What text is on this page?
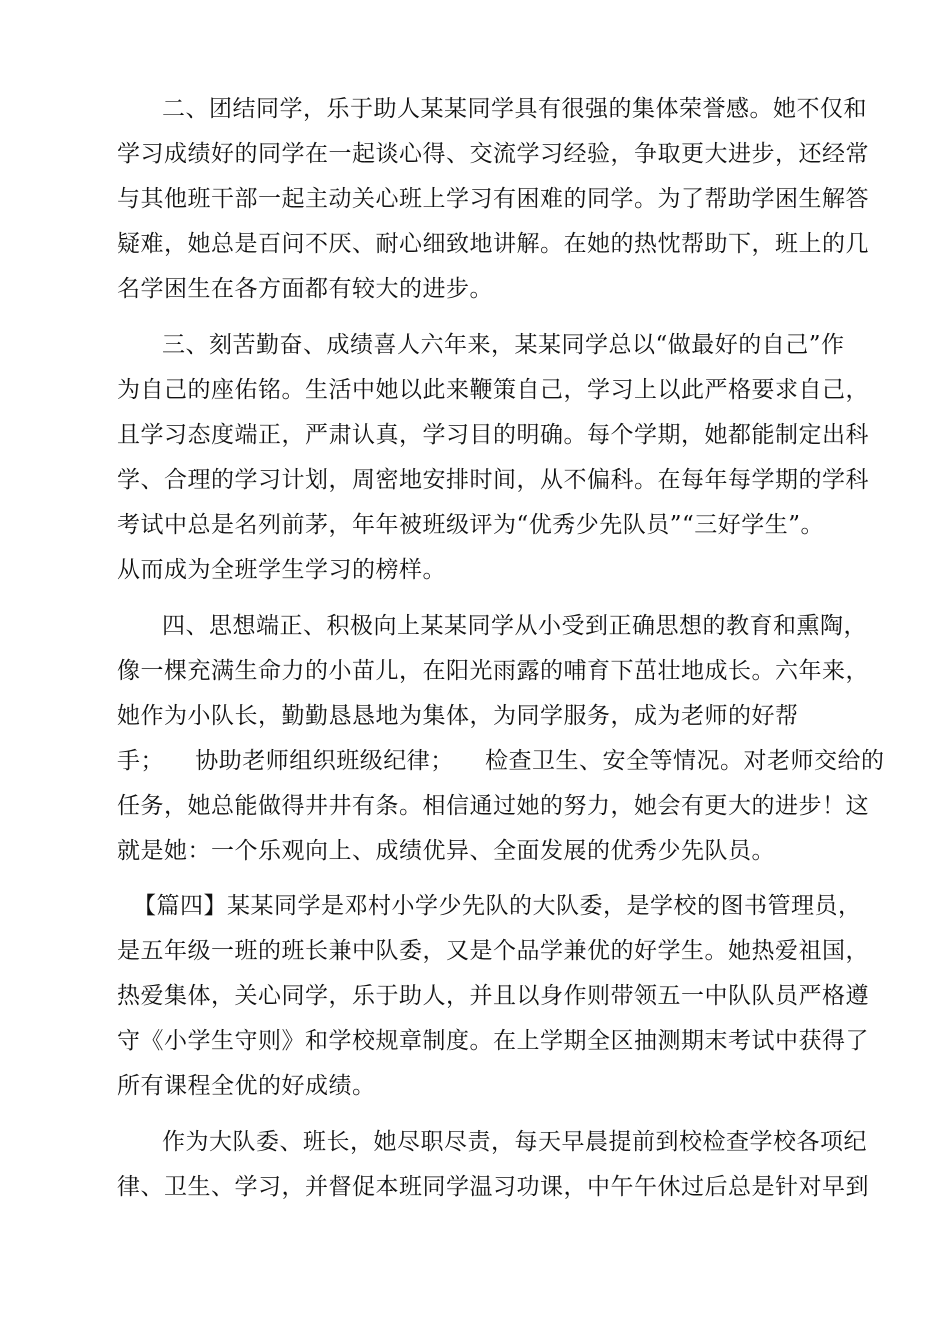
二、团结同学，乐于助人某某同学具有很强的集体荣誉感。她不仅和
学习成绩好的同学在一起谈心得、交流学习经验，争取更大进步，还经常
与其他班干部一起主动关心班上学习有困难的同学。为了帮助学困生解答
疑难，她总是百问不厌、耐心细致地讲解。在她的热忱帮助下，班上的几
名学困生在各方面都有较大的进步。
三、刻苦勤奋、成绩喜人六年来，某某同学总以“做最好的自己”作
为自己的座佑铭。生活中她以此来鞭策自己，学习上以此严格要求自己，
且学习态度端正，严肃认真，学习目的明确。每个学期，她都能制定出科
学、合理的学习计划，周密地安排时间，从不偏科。在每年每学期的学科
考试中总是名列前茅，年年被班级评为“优秀少先队员”“三好学生”。
从而成为全班学生学习的榜样。
四、思想端正、积极向上某某同学从小受到正确思想的教育和熏陶，
像一棵充满生命力的小苗儿，在阳光雨露的哺育下茁壮地成长。六年来，
她作为小队长，勤勤恳恳地为集体，为同学服务，成为老师的好帮
手；    协助老师组织班级纪律；    检查卫生、安全等情况。对老师交给的
任务，她总能做得井井有条。相信通过她的努力，她会有更大的进步！这
就是她：一个乐观向上、成绩优异、全面发展的优秀少先队员。
【篇四】某某同学是邓村小学少先队的大队委，是学校的图书管理员，
是五年级一班的班长兼中队委，又是个品学兼优的好学生。她热爱祖国，
热爱集体，关心同学，乐于助人，并且以身作则带领五一中队队员严格遵
守《小学生守则》和学校规章制度。在上学期全区抽测期末考试中获得了
所有课程全优的好成绩。
作为大队委、班长，她尽职尽责，每天早晨提前到校检查学校各项纪
律、卫生、学习，并督促本班同学温习功课，中午午休过后总是针对早到
